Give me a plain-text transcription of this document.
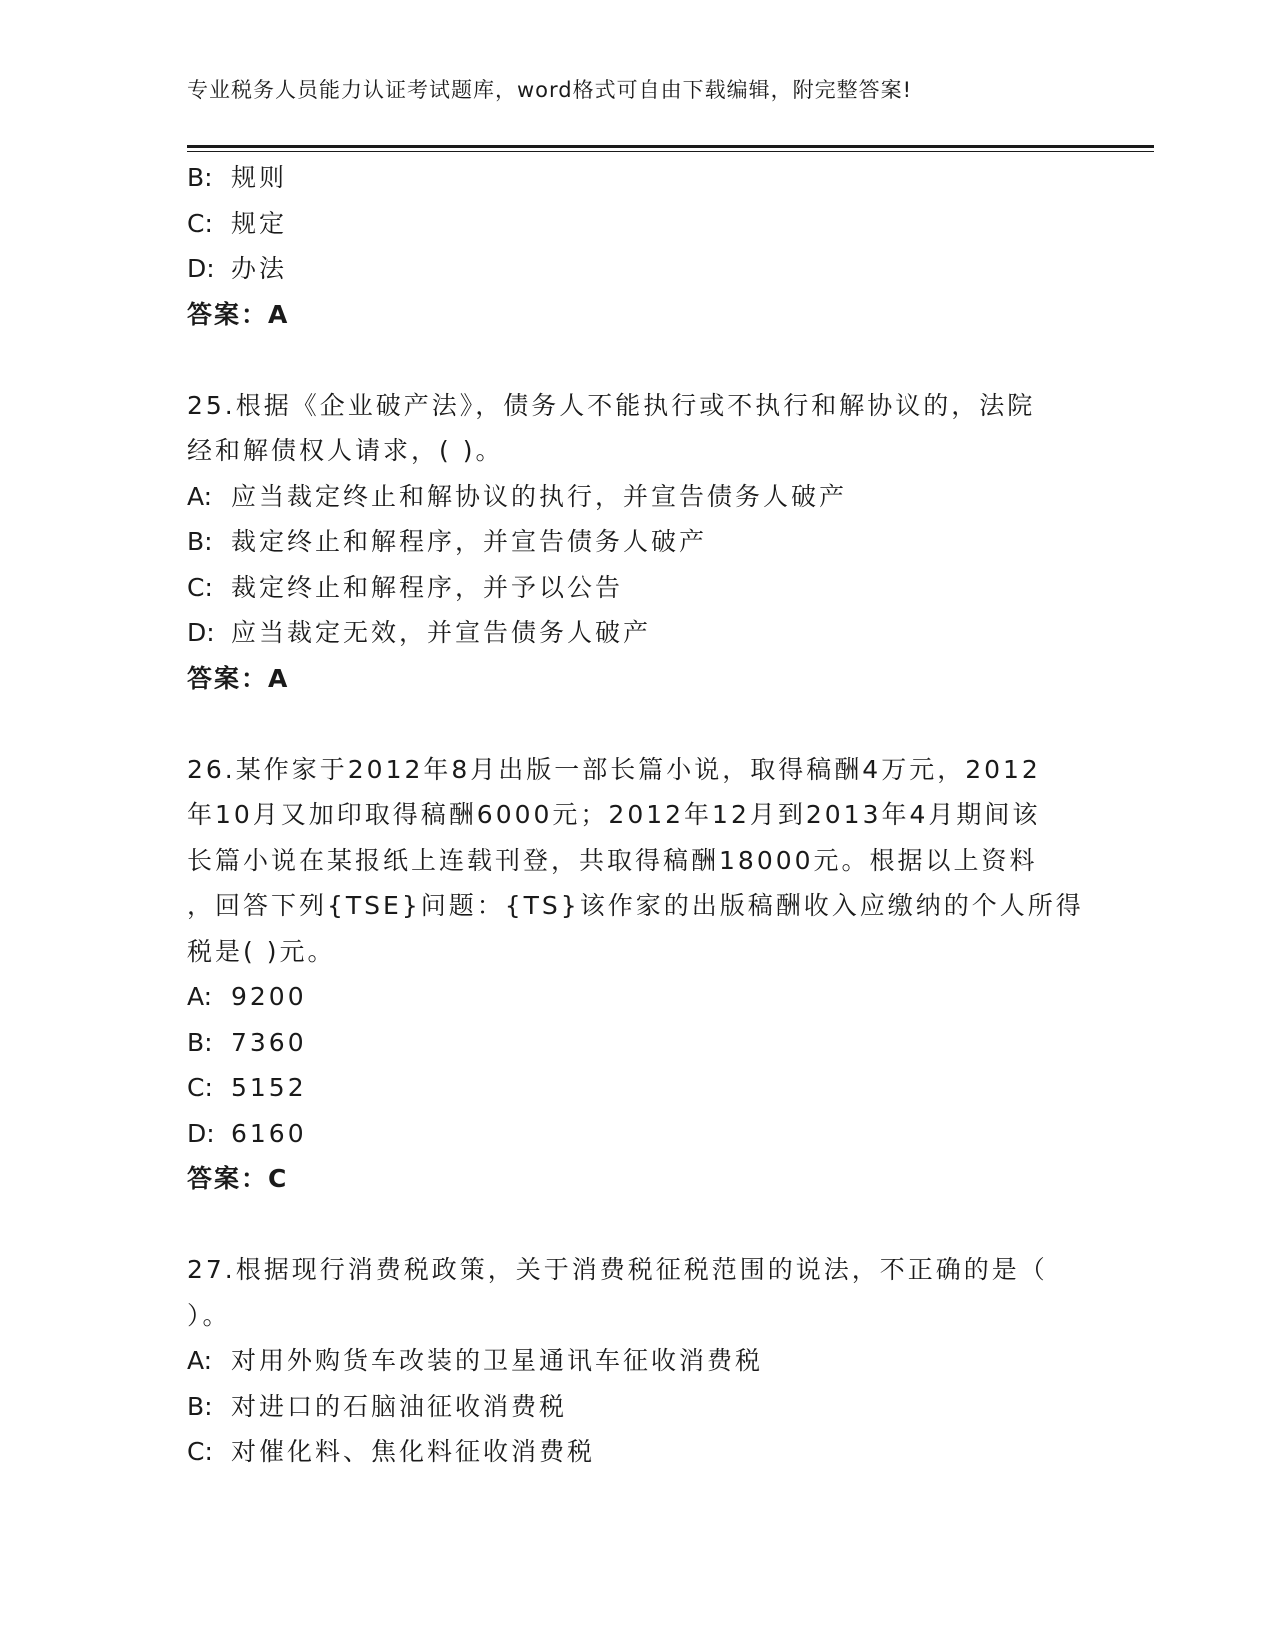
专业税务人员能力认证考试题库，word格式可自由下载编辑，附完整答案!
B: 规则
C: 规定
D: 办法
答案：A
25.根据《企业破产法》，债务人不能执行或不执行和解协议的，法院
经和解债权人请求，( )。
A: 应当裁定终止和解协议的执行，并宣告债务人破产
B: 裁定终止和解程序，并宣告债务人破产
C: 裁定终止和解程序，并予以公告
D: 应当裁定无效，并宣告债务人破产
答案：A
26.某作家于2012年8月出版一部长篇小说，取得稿酬4万元，2012
年10月又加印取得稿酬6000元；2012年12月到2013年4月期间该
长篇小说在某报纸上连载刊登，共取得稿酬18000元。根据以上资料
，回答下列{TSE}问题：{TS}该作家的出版稿酬收入应缴纳的个人所得
税是( )元。
A: 9200
B: 7360
C: 5152
D: 6160
答案：C
27.根据现行消费税政策，关于消费税征税范围的说法，不正确的是（
）。
A: 对用外购货车改装的卫星通讯车征收消费税
B: 对进口的石脑油征收消费税
C: 对催化料、焦化料征收消费税
